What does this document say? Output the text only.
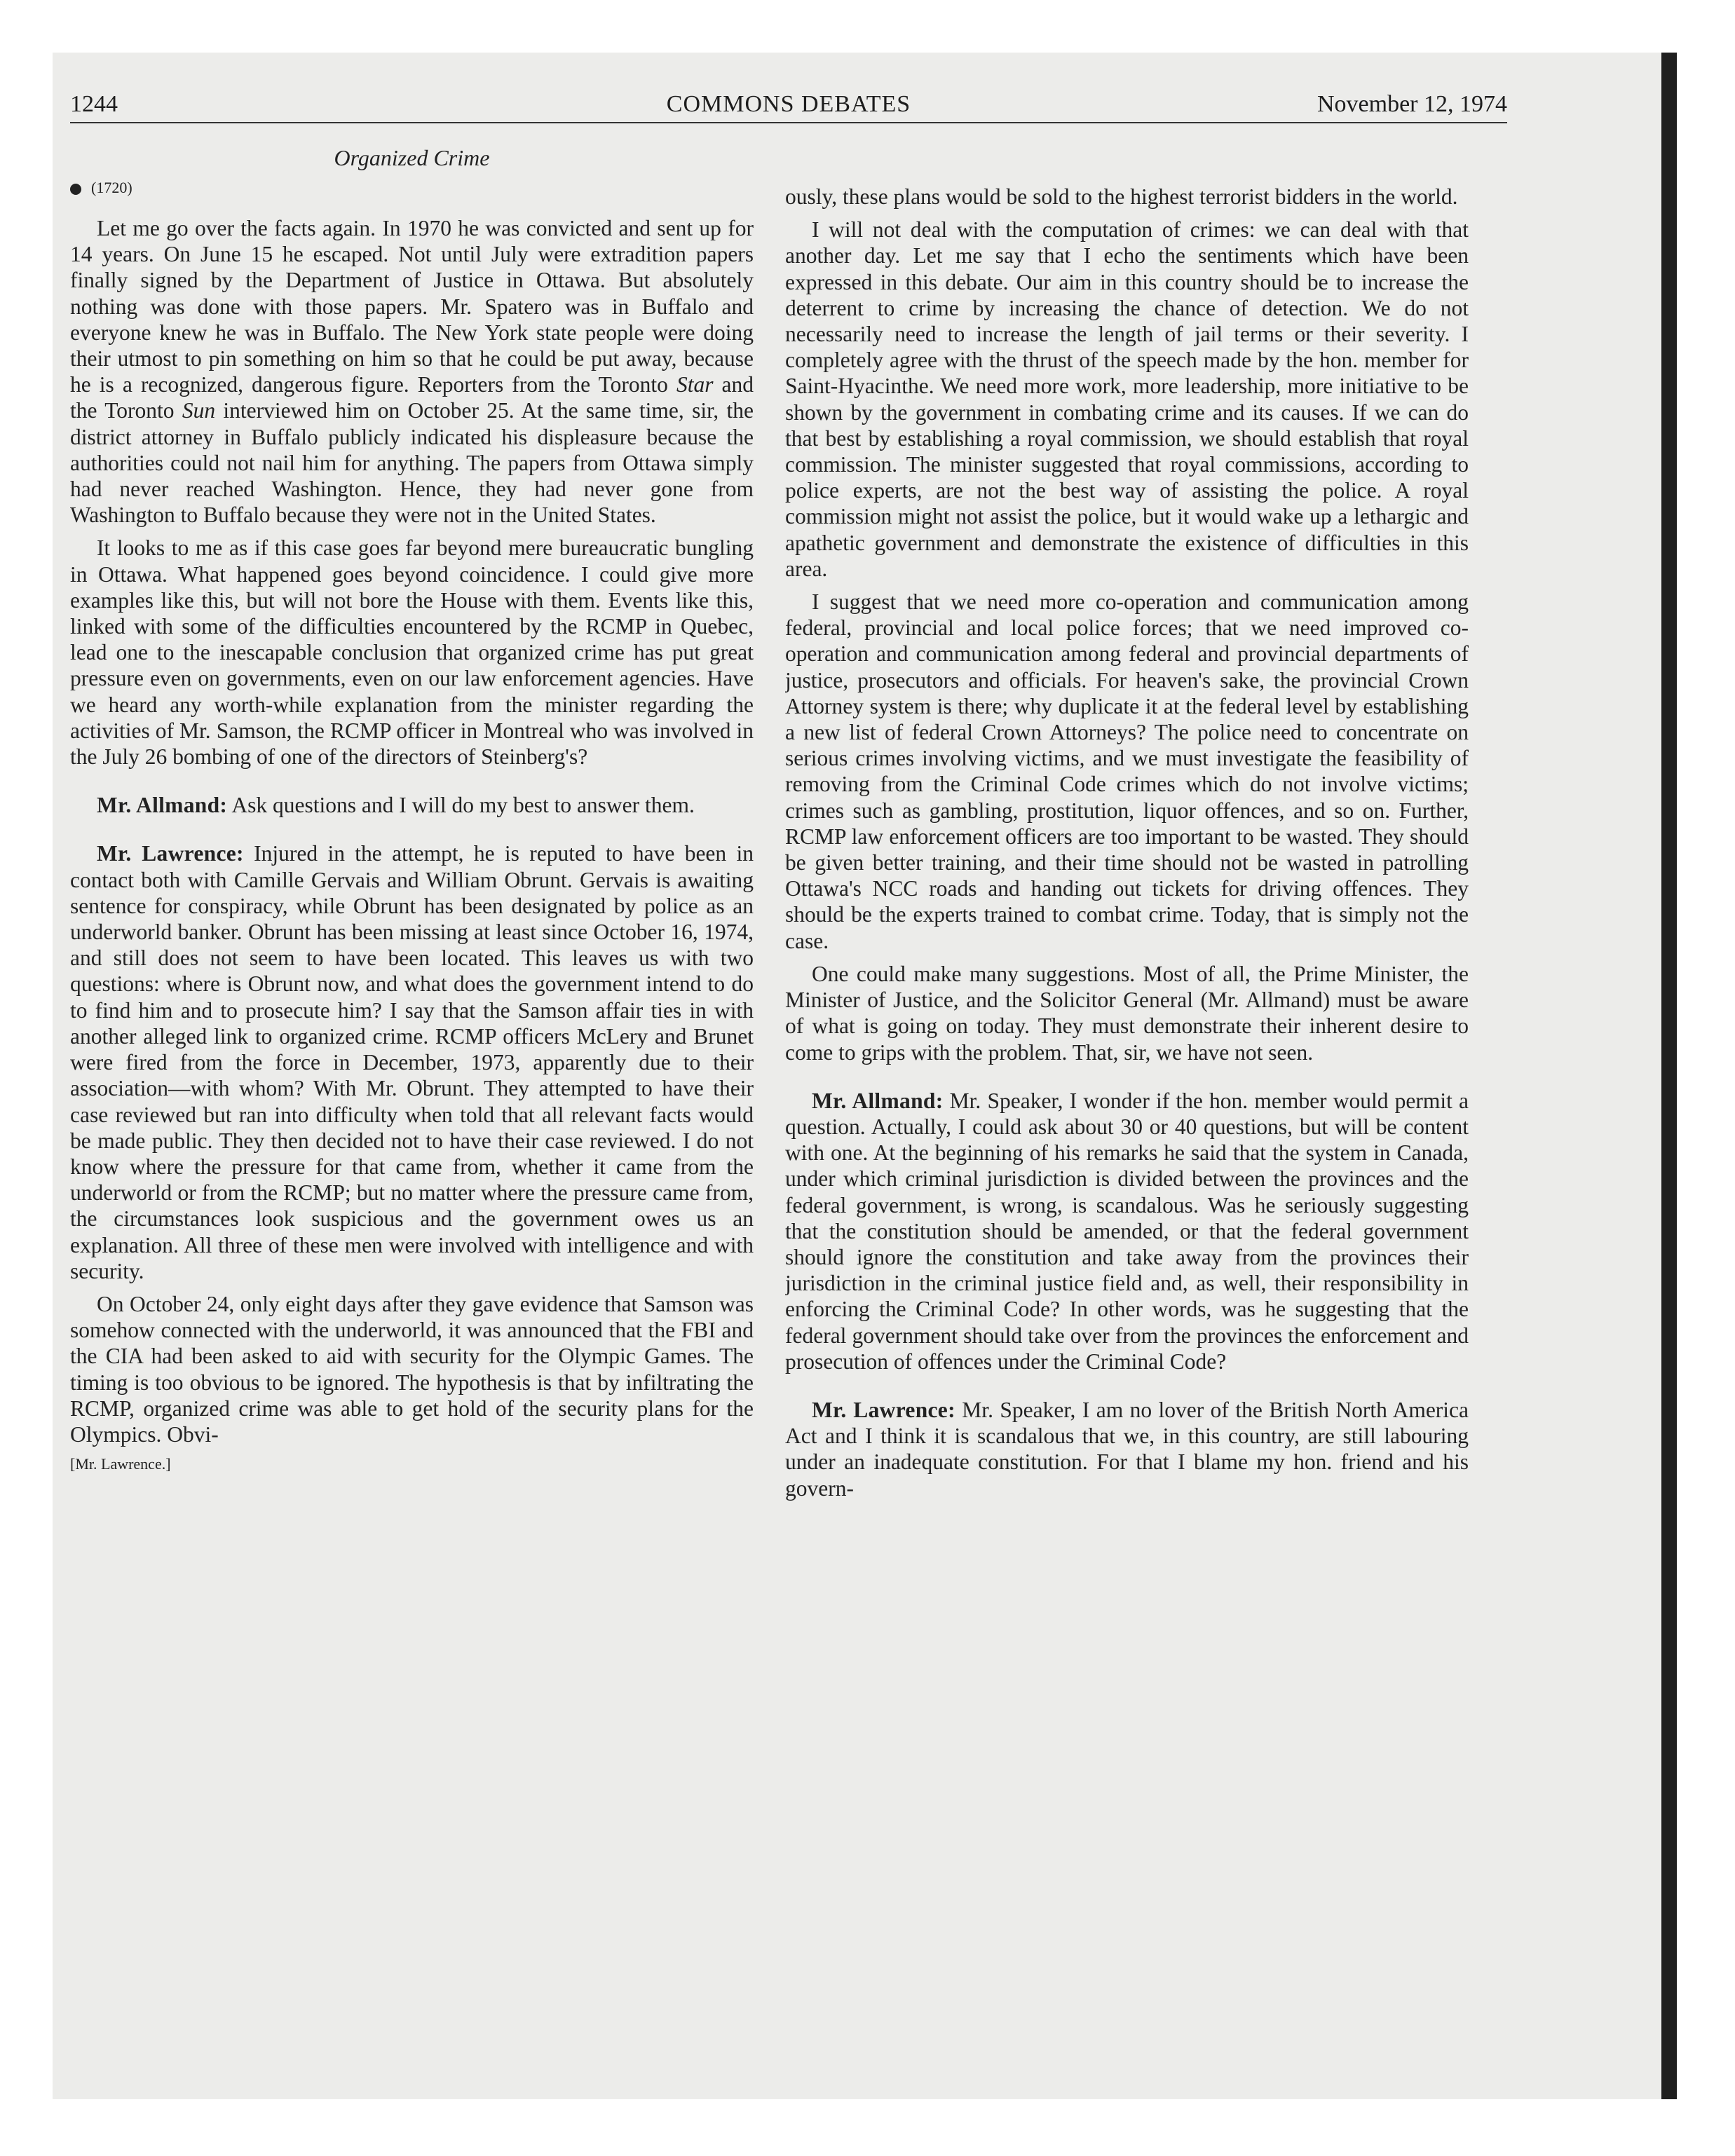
1244	COMMONS DEBATES	November 12, 1974
Organized Crime
(1720)

Let me go over the facts again. In 1970 he was convicted and sent up for 14 years. On June 15 he escaped. Not until July were extradition papers finally signed by the Department of Justice in Ottawa. But absolutely nothing was done with those papers. Mr. Spatero was in Buffalo and everyone knew he was in Buffalo. The New York state people were doing their utmost to pin something on him so that he could be put away, because he is a recognized, dangerous figure. Reporters from the Toronto Star and the Toronto Sun interviewed him on October 25. At the same time, sir, the district attorney in Buffalo publicly indicated his displeasure because the authorities could not nail him for anything. The papers from Ottawa simply had never reached Washington. Hence, they had never gone from Washington to Buffalo because they were not in the United States.

It looks to me as if this case goes far beyond mere bureaucratic bungling in Ottawa. What happened goes beyond coincidence. I could give more examples like this, but will not bore the House with them. Events like this, linked with some of the difficulties encountered by the RCMP in Quebec, lead one to the inescapable conclusion that organized crime has put great pressure even on governments, even on our law enforcement agencies. Have we heard any worth-while explanation from the minister regarding the activities of Mr. Samson, the RCMP officer in Montreal who was involved in the July 26 bombing of one of the directors of Steinberg's?

Mr. Allmand: Ask questions and I will do my best to answer them.

Mr. Lawrence: Injured in the attempt, he is reputed to have been in contact both with Camille Gervais and William Obrunt. Gervais is awaiting sentence for conspiracy, while Obrunt has been designated by police as an underworld banker. Obrunt has been missing at least since October 16, 1974, and still does not seem to have been located. This leaves us with two questions: where is Obrunt now, and what does the government intend to do to find him and to prosecute him? I say that the Samson affair ties in with another alleged link to organized crime. RCMP officers McLery and Brunet were fired from the force in December, 1973, apparently due to their association—with whom? With Mr. Obrunt. They attempted to have their case reviewed but ran into difficulty when told that all relevant facts would be made public. They then decided not to have their case reviewed. I do not know where the pressure for that came from, whether it came from the underworld or from the RCMP; but no matter where the pressure came from, the circumstances look suspicious and the government owes us an explanation. All three of these men were involved with intelligence and with security.

On October 24, only eight days after they gave evidence that Samson was somehow connected with the underworld, it was announced that the FBI and the CIA had been asked to aid with security for the Olympic Games. The timing is too obvious to be ignored. The hypothesis is that by infiltrating the RCMP, organized crime was able to get hold of the security plans for the Olympics. Obvi-

[Mr. Lawrence.]

ously, these plans would be sold to the highest terrorist bidders in the world.

I will not deal with the computation of crimes: we can deal with that another day. Let me say that I echo the sentiments which have been expressed in this debate. Our aim in this country should be to increase the deterrent to crime by increasing the chance of detection. We do not necessarily need to increase the length of jail terms or their severity. I completely agree with the thrust of the speech made by the hon. member for Saint-Hyacinthe. We need more work, more leadership, more initiative to be shown by the government in combating crime and its causes. If we can do that best by establishing a royal commission, we should establish that royal commission. The minister suggested that royal commissions, according to police experts, are not the best way of assisting the police. A royal commission might not assist the police, but it would wake up a lethargic and apathetic government and demonstrate the existence of difficulties in this area.

I suggest that we need more co-operation and communication among federal, provincial and local police forces; that we need improved co-operation and communication among federal and provincial departments of justice, prosecutors and officials. For heaven's sake, the provincial Crown Attorney system is there; why duplicate it at the federal level by establishing a new list of federal Crown Attorneys? The police need to concentrate on serious crimes involving victims, and we must investigate the feasibility of removing from the Criminal Code crimes which do not involve victims; crimes such as gambling, prostitution, liquor offences, and so on. Further, RCMP law enforcement officers are too important to be wasted. They should be given better training, and their time should not be wasted in patrolling Ottawa's NCC roads and handing out tickets for driving offences. They should be the experts trained to combat crime. Today, that is simply not the case.

One could make many suggestions. Most of all, the Prime Minister, the Minister of Justice, and the Solicitor General (Mr. Allmand) must be aware of what is going on today. They must demonstrate their inherent desire to come to grips with the problem. That, sir, we have not seen.

Mr. Allmand: Mr. Speaker, I wonder if the hon. member would permit a question. Actually, I could ask about 30 or 40 questions, but will be content with one. At the beginning of his remarks he said that the system in Canada, under which criminal jurisdiction is divided between the provinces and the federal government, is wrong, is scandalous. Was he seriously suggesting that the constitution should be amended, or that the federal government should ignore the constitution and take away from the provinces their jurisdiction in the criminal justice field and, as well, their responsibility in enforcing the Criminal Code? In other words, was he suggesting that the federal government should take over from the provinces the enforcement and prosecution of offences under the Criminal Code?

Mr. Lawrence: Mr. Speaker, I am no lover of the British North America Act and I think it is scandalous that we, in this country, are still labouring under an inadequate constitution. For that I blame my hon. friend and his govern-
